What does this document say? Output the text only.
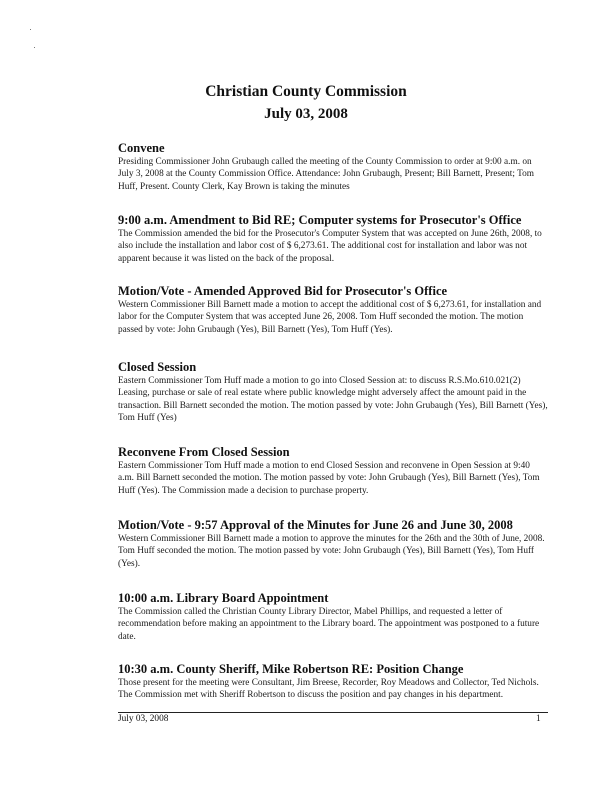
Christian County Commission
July 03, 2008
Convene

Presiding Commissioner John Grubaugh called the meeting of the County Commission to order at 9:00 a.m. on July 3, 2008 at the County Commission Office. Attendance: John Grubaugh, Present; Bill Barnett, Present; Tom Huff, Present. County Clerk, Kay Brown is taking the minutes

9:00 a.m. Amendment to Bid RE; Computer systems for Prosecutor's Office

The Commission amended the bid for the Prosecutor's Computer System that was accepted on June 26th, 2008, to also include the installation and labor cost of $ 6,273.61. The additional cost for installation and labor was not apparent because it was listed on the back of the proposal.

Motion/Vote - Amended Approved Bid for Prosecutor's Office

Western Commissioner Bill Barnett made a motion to accept the additional cost of $ 6,273.61, for installation and labor for the Computer System that was accepted June 26, 2008. Tom Huff seconded the motion. The motion passed by vote: John Grubaugh (Yes), Bill Barnett (Yes), Tom Huff (Yes).

Closed Session

Eastern Commissioner Tom Huff made a motion to go into Closed Session at: to discuss R.S.Mo.610.021(2) Leasing, purchase or sale of real estate where public knowledge might adversely affect the amount paid in the transaction. Bill Barnett seconded the motion. The motion passed by vote: John Grubaugh (Yes), Bill Barnett (Yes), Tom Huff (Yes)

Reconvene From Closed Session

Eastern Commissioner Tom Huff made a motion to end Closed Session and reconvene in Open Session at 9:40 a.m. Bill Barnett seconded the motion. The motion passed by vote: John Grubaugh (Yes), Bill Barnett (Yes), Tom Huff (Yes). The Commission made a decision to purchase property.

Motion/Vote - 9:57 Approval of the Minutes for June 26 and June 30, 2008

Western Commissioner Bill Barnett made a motion to approve the minutes for the 26th and the 30th of June, 2008. Tom Huff seconded the motion. The motion passed by vote: John Grubaugh (Yes), Bill Barnett (Yes), Tom Huff (Yes).

10:00 a.m. Library Board Appointment

The Commission called the Christian County Library Director, Mabel Phillips, and requested a letter of recommendation before making an appointment to the Library board. The appointment was postponed to a future date.

10:30 a.m. County Sheriff, Mike Robertson RE: Position Change

Those present for the meeting were Consultant, Jim Breese, Recorder, Roy Meadows and Collector, Ted Nichols.
The Commission met with Sheriff Robertson to discuss the position and pay changes in his department.

July 03, 2008	1
